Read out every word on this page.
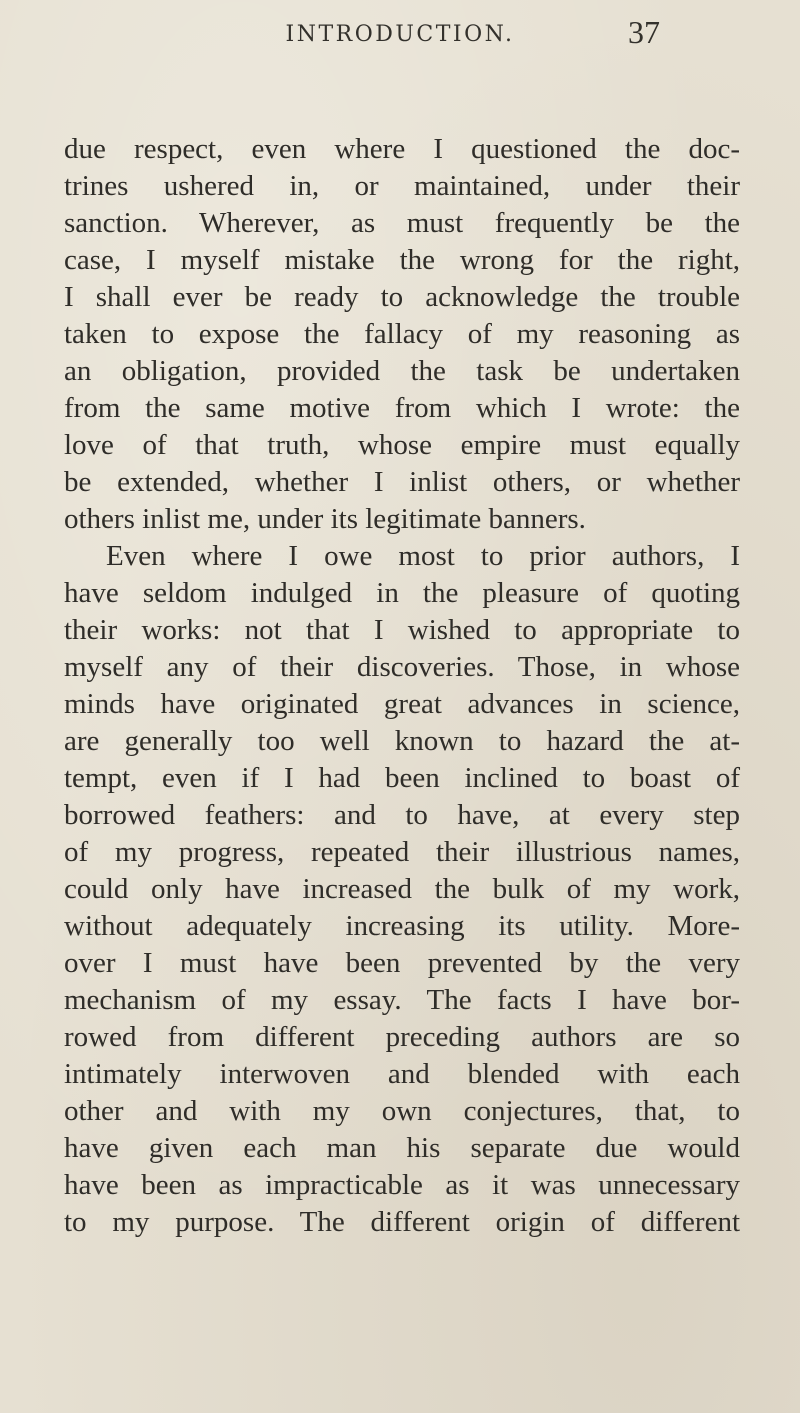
INTRODUCTION.	37
due respect, even where I questioned the doc-
trines ushered in, or maintained, under their
sanction. Wherever, as must frequently be the
case, I myself mistake the wrong for the right,
I shall ever be ready to acknowledge the trouble
taken to expose the fallacy of my reasoning as
an obligation, provided the task be undertaken
from the same motive from which I wrote: the
love of that truth, whose empire must equally
be extended, whether I inlist others, or whether
others inlist me, under its legitimate banners.
Even where I owe most to prior authors, I
have seldom indulged in the pleasure of quoting
their works: not that I wished to appropriate to
myself any of their discoveries. Those, in whose
minds have originated great advances in science,
are generally too well known to hazard the at-
tempt, even if I had been inclined to boast of
borrowed feathers: and to have, at every step
of my progress, repeated their illustrious names,
could only have increased the bulk of my work,
without adequately increasing its utility. More-
over I must have been prevented by the very
mechanism of my essay. The facts I have bor-
rowed from different preceding authors are so
intimately interwoven and blended with each
other and with my own conjectures, that, to
have given each man his separate due would
have been as impracticable as it was unnecessary
to my purpose. The different origin of different
